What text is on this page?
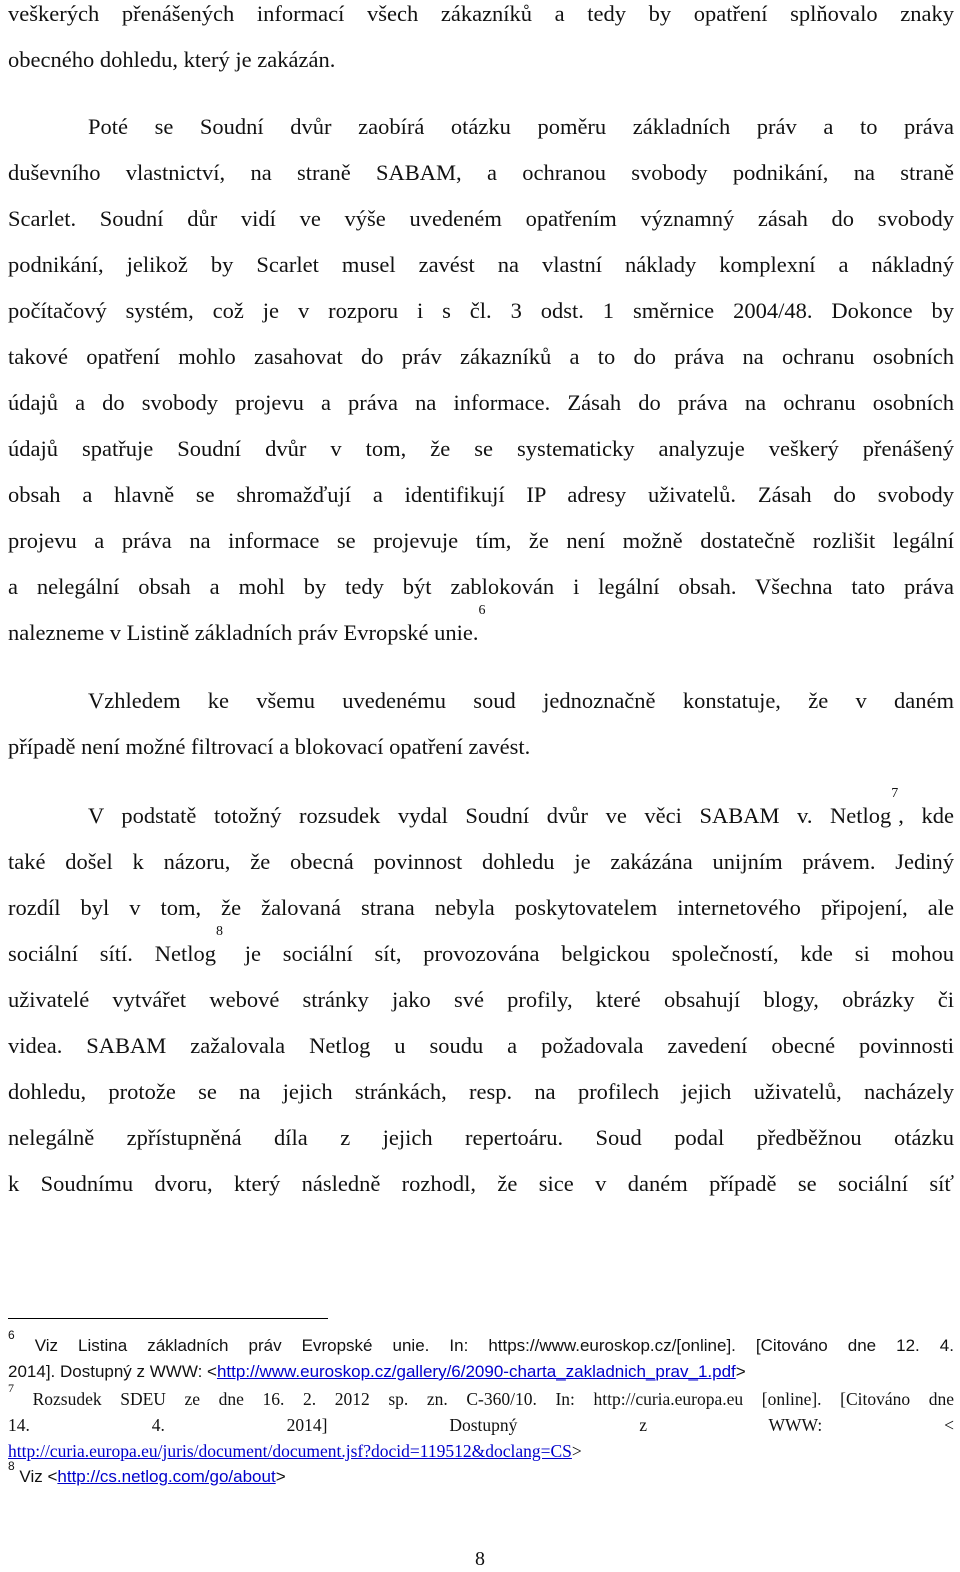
veškerých přenášených informací všech zákazníků a tedy by opatření splňovalo znaky
obecného dohledu, který je zakázán.
Poté se Soudní dvůr zaobírá otázku poměru základních práv a to práva
duševního vlastnictví, na straně SABAM, a ochranou svobody podnikání, na straně
Scarlet. Soudní důr vidí ve výše uvedeném opatřením významný zásah do svobody
podnikání, jelikož by Scarlet musel zavést na vlastní náklady komplexní a nákladný
počítačový systém, což je v rozporu i s čl. 3 odst. 1 směrnice 2004/48. Dokonce by
takové opatření mohlo zasahovat do práv zákazníků a to do práva na ochranu osobních
údajů a do svobody projevu a práva na informace. Zásah do práva na ochranu osobních
údajů spatřuje Soudní dvůr v tom, že se systematicky analyzuje veškerý přenášený
obsah a hlavně se shromažďují a identifikují IP adresy uživatelů. Zásah do svobody
projevu a práva na informace se projevuje tím, že není možně dostatečně rozlišit legální
a nelegální obsah a mohl by tedy být zablokován i legální obsah. Všechna tato práva
nalezneme v Listině základních práv Evropské unie.$^6$
Vzhledem ke všemu uvedenému soud jednoznačně konstatuje, že v daném
případě není možné filtrovací a blokovací opatření zavést.
V podstatě totožný rozsudek vydal Soudní dvůr ve věci SABAM v. Netlog$^7$, kde
také došel k názoru, že obecná povinnost dohledu je zakázána unijním právem. Jediný
rozdíl byl v tom, že žalovaná strana nebyla poskytovatelem internetového připojení, ale
sociální sítí. Netlog$^8$ je sociální sít, provozována belgickou společností, kde si mohou
uživatelé vytvářet webové stránky jako své profily, které obsahují blogy, obrázky či
videa. SABAM zažalovala Netlog u soudu a požadovala zavedení obecné povinnosti
dohledu, protože se na jejich stránkách, resp. na profilech jejich uživatelů, nacházely
nelegálně zpřístupněná díla z jejich repertoáru. Soud podal předběžnou otázku
k Soudnímu dvoru, který následně rozhodl, že sice v daném případě se sociální síť
$^6$ Viz Listina základních práv Evropské unie. In: https://www.euroskop.cz/[online]. [Citováno dne 12. 4.
2014]. Dostupný z WWW: <http://www.euroskop.cz/gallery/6/2090-charta_zakladnich_prav_1.pdf>
$^7$ Rozsudek SDEU ze dne 16. 2. 2012 sp. zn. C-360/10. In: http://curia.europa.eu [online]. [Citováno dne
14. 4. 2014] Dostupný z WWW: <
http://curia.europa.eu/juris/document/document.jsf?docid=119512&doclang=CS>
$^8$ Viz <http://cs.netlog.com/go/about>
8
